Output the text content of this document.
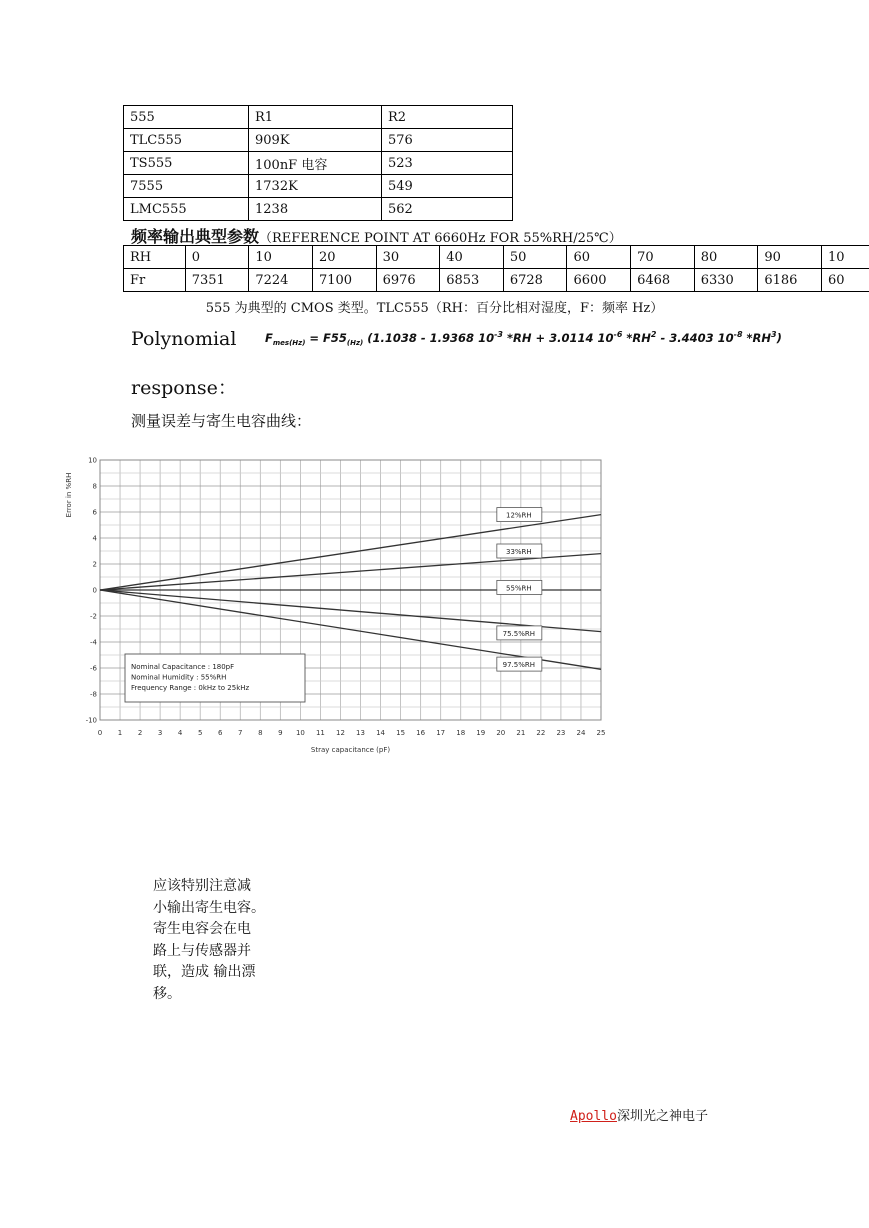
555	R1	R2
TLC555	909K	576
TS555	100nF 电容	523
7555	1732K	549
LMC555	1238	562
频率输出典型参数（REFERENCE POINT AT 6660Hz FOR 55%RH/25℃）
RH	0	10	20	30	40	50	60	70	80	90	10
Fr	7351	7224	7100	6976	6853	6728	6600	6468	6330	6186	60
555 为典型的 CMOS 类型。TLC555（RH：百分比相对湿度，F：频率 Hz）
Polynomial $F_{mes(Hz)} = F55_{(Hz)}$ (1.1038 - 1.9368 $10^{-3}$ *RH + 3.0114 $10^{-6}$ $*RH^2 - 3.4403$ $10^{-8}$ $*RH^3$)
response：
测量误差与寄生电容曲线：
0 1 2 3 4 5 6 7 8 9 10 11 12 13 14 15 16 17 18 19 20 21 22 23 24 25
-10
-8
-6
-4
-2
0
2
4
6
8
10
Stray capacitance (pF)
Error in %RH	12%RH
33%RH
55%RH
75.5%RH
97.5%RH
Nominal Capacitance : 180pF
Nominal Humidity : 55%RH
Frequency Range : 0kHz to 25kHz
应该特别注意减
小输出寄生电容。
寄生电容会在电
路上与传感器并
联，造成 输出漂
移。
Apollo深圳光之神电子
